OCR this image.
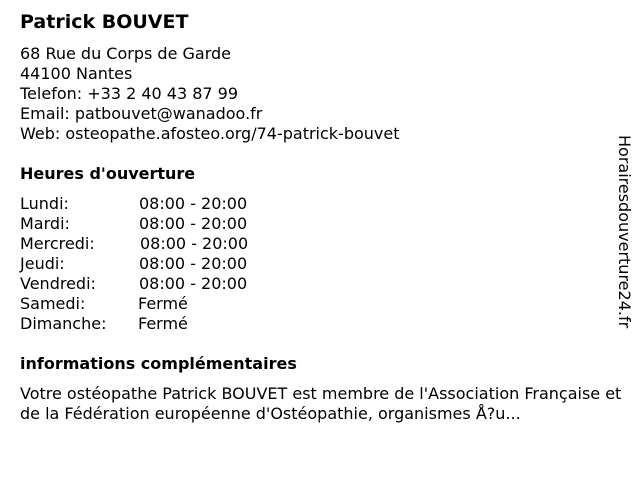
Patrick BOUVET
68 Rue du Corps de Garde
44100 Nantes
Telefon: +33 2 40 43 87 99
Email: patbouvet@wanadoo.fr
Web: osteopathe.afosteo.org/74-patrick-bouvet
Heures d'ouverture
Lundi:	08:00 - 20:00
Mardi:	08:00 - 20:00
Mercredi:	08:00 - 20:00
Jeudi:	08:00 - 20:00
Vendredi:	08:00 - 20:00
Samedi:	Fermé
Dimanche: Fermé
informations complémentaires
Votre ostéopathe Patrick BOUVET est membre de l'Association Française et de la Fédération européenne d'Ostéopathie, organismes Å?u...
Horairesdouverture24.fr
